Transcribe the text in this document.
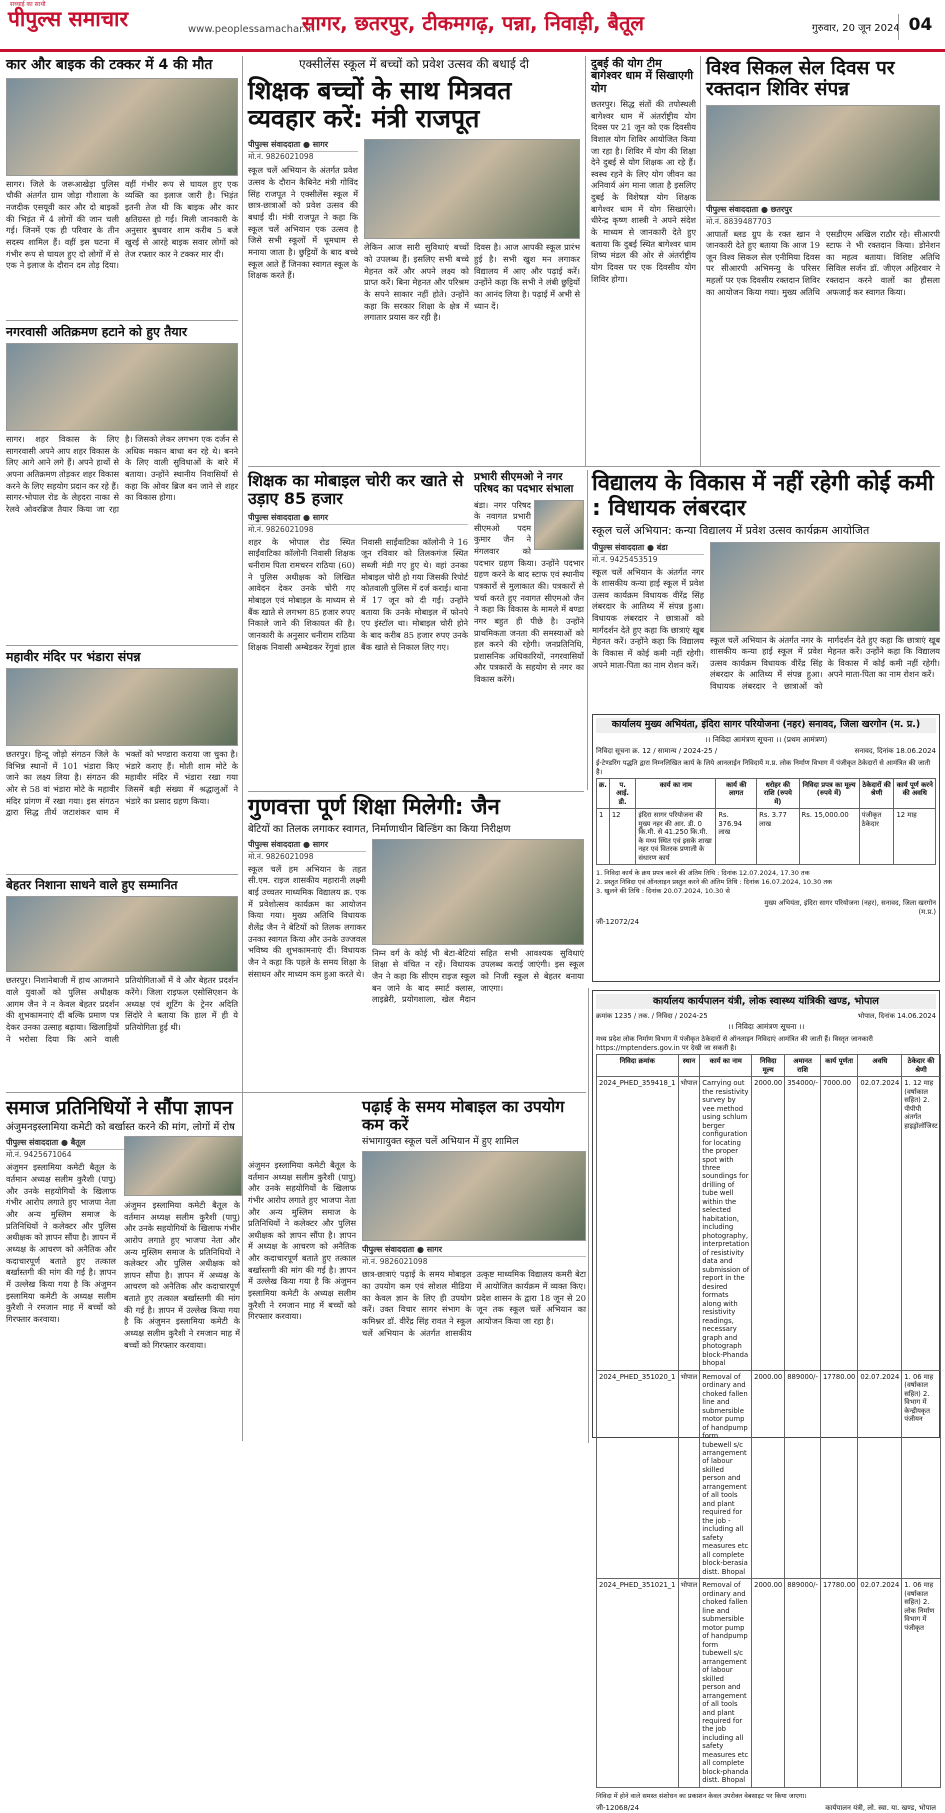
पीपुल्स समाचार	www.peoplessamachar.in
सच्चाई का साथी
सागर, छतरपुर, टीकमगढ़, पन्ना, निवाड़ी, बैतूल	गुरुवार, 20 जून 2024 04
कार और बाइक की टक्कर में 4 की मौत
सागर। जिले के जरूआखेड़ा पुलिस चौकी अंतर्गत ग्राम जोड़ा गौशाला के नजदीक एसयूवी कार और दो बाइकों की भिड़ंत में 4 लोगों की जान चली गई। जिनमें एक ही परिवार के तीन सदस्य शामिल हैं। वहीं इस घटना में गंभीर रूप से घायल हुए दो लोगों में से एक ने इलाज के दौरान दम तोड़ दिया। वहीं गंभीर रूप से घायल हुए एक व्यक्ति का इलाज जारी है। भिड़ंत इतनी तेज थी कि बाइक और कार क्षतिग्रस्त हो गईं। मिली जानकारी के अनुसार बुधवार शाम करीब 5 बजे खुरई से आरहे बाइक सवार लोगों को तेज रफ्तार कार ने टक्कर मार दी।
नगरवासी अतिक्रमण हटाने को हुए तैयार
सागर। शहर विकास के लिए सागरवासी अपने आप शहर विकास के लिए आगे आने लगे हैं। अपने हाथों से अपना अतिक्रमण तोड़कर शहर विकास करने के लिए सहयोग प्रदान कर रहे हैं। सागर-भोपाल रोड के लेहदरा नाका से रेलवे ओवरब्रिज तैयार किया जा रहा है। जिसको लेकर लगभग एक दर्जन से अधिक मकान बाधा बन रहे थे। बनने के लिए वाली सुविधाओं के बारे में बताया। उन्होंने स्थानीय निवासियों से कहा कि ओवर ब्रिज बन जाने से शहर का विकास होगा।
महावीर मंदिर पर भंडारा संपन्न
छतरपुर। हिन्दू जोड़ो संगठन जिले के विभिन्न स्थानों में 101 भंडारा किए जाने का लक्ष्य लिया है। संगठन की ओर से 58 वां भंडारा मोटे के महावीर मंदिर प्रांगण में रखा गया। इस संगठन द्वारा सिद्ध तीर्थ जटाशंकर धाम में भक्तों को भण्डारा कराया जा चुका है। भंडारे कराए हैं। मोती शाम मोटे के महावीर मंदिर में भंडारा रखा गया जिसमें बड़ी संख्या में श्रद्धालुओं ने भंडारे का प्रसाद ग्रहण किया।
बेहतर निशाना साधने वाले हुए सम्मानित
छतरपुर। निशानेबाजी में हाथ आजमाने वाले युवाओं को पुलिस अधीक्षक आगम जैन ने न केवल बेहतर प्रदर्शन की शुभकामनाएं दीं बल्कि प्रमाण पत्र देकर उनका उत्साह बढ़ाया। खिलाड़ियों ने भरोसा दिया कि आने वाली प्रतियोगिताओं में वे और बेहतर प्रदर्शन करेंगे। जिला राइफल एसोसिएशन के अध्यक्ष एवं शूटिंग के ट्रेनर अदिति सिंदोरे ने बताया कि हाल में ही ये प्रतियोगिता हुई थी।
एक्सीलेंस स्कूल में बच्चों को प्रवेश उत्सव की बधाई दी
शिक्षक बच्चों के साथ मित्रवत व्यवहार करें: मंत्री राजपूत
पीपुल्स संवाददाता ● सागर
मो.नं. 9826021098
स्कूल चलें अभियान के अंतर्गत प्रवेश उत्सव के दौरान कैबिनेट मंत्री गोविंद सिंह राजपूत ने एक्सीलेंस स्कूल में छात्र-छात्राओं को प्रवेश उत्सव की बधाई दी। मंत्री राजपूत ने कहा कि स्कूल चलें अभियान एक उत्सव है जिसे सभी स्कूलों में धूमधाम से मनाया जाता है। छुट्टियों के बाद बच्चे स्कूल आते हैं जिनका स्वागत स्कूल के शिक्षक करते हैं।
लेकिन आज सारी सुविधाएं बच्चों को उपलब्ध हैं। इसलिए सभी बच्चे मेहनत करें और अपने लक्ष्य को प्राप्त करें। बिना मेहनत और परिश्रम के सपने साकार नहीं होते। उन्होंने कहा कि सरकार शिक्षा के क्षेत्र में लगातार प्रयास कर रही है।
दिवस है। आज आपकी स्कूल प्रारंभ हुई है। सभी खुश मन लगाकर विद्यालय में आए और पढ़ाई करें। उन्होंने कहा कि सभी ने लंबी छुट्टियों का आनंद लिया है। पढ़ाई में अभी से ध्यान दें।
दुबई की योग टीम बागेश्वर धाम में सिखाएगी योग
छतरपुर। सिद्ध संतों की तपोस्थली बागेश्वर धाम में अंतर्राष्ट्रीय योग दिवस पर 21 जून को एक दिवसीय विशाल योग शिविर आयोजित किया जा रहा है। शिविर में योग की शिक्षा देने दुबई से योग शिक्षक आ रहे हैं। स्वस्थ रहने के लिए योग जीवन का अनिवार्य अंग माना जाता है इसलिए दुबई के विशेषज्ञ योग शिक्षक बागेश्वर धाम में योग सिखाएंगे। धीरेन्द्र कृष्ण शास्त्री ने अपने संदेश के माध्यम से जानकारी देते हुए बताया कि दुबई स्थित बागेश्वर धाम शिष्य मंडल की ओर से अंतर्राष्ट्रीय योग दिवस पर एक दिवसीय योग शिविर होगा।
विश्व सिकल सेल दिवस पर रक्तदान शिविर संपन्न
पीपुल्स संवाददाता ● छतरपुर
मो.नं. 8839487703
आपातों ब्लड ग्रुप के रक्त खान ने जानकारी देते हुए बताया कि आज 19 जून विश्व सिकल सेल एनीमिया दिवस पर सीआरपी अभिमन्यु के परिसर महलों पर एक दिवसीय रक्तदान शिविर का आयोजन किया गया। मुख्य अतिथि एसडीएम अखिल राठौर रहे। सीआरपी स्टाफ ने भी रक्तदान किया। डोनेशन का महत्व बताया। विशिष्ट अतिथि सिविल सर्जन डॉ. जीएल अहिरवार ने रक्तदान करने वालों का हौसला अफजाई कर स्वागत किया।
शिक्षक का मोबाइल चोरी कर खाते से उड़ाए 85 हजार
पीपुल्स संवाददाता ● सागर
मो.नं. 9826021098
शहर के भोपाल रोड स्थित साईंवाटिका कॉलोनी निवासी शिक्षक धनीराम पिता रामचरन राठिया (60) ने पुलिस अधीक्षक को लिखित आवेदन देकर उनके चोरी गए मोबाइल एवं मोबाइल के माध्यम से बैंक खाते से लगभग 85 हजार रुपए निकाले जाने की शिकायत की है। जानकारी के अनुसार धनीराम राठिया शिक्षक निवासी अम्बेडकर रेंगुवां हाल निवासी साईंवाटिका कॉलोनी ने 16 जून रविवार को तिलकगंज स्थित सब्जी मंडी गए हुए थे। वहां उनका मोबाइल चोरी हो गया जिसकी रिपोर्ट कोतवाली पुलिस में दर्ज कराई। थाना में 17 जून को दी गई। उन्होंने बताया कि उनके मोबाइल में फोनपे एप इंस्टॉल था। मोबाइल चोरी होने के बाद करीब 85 हजार रुपए उनके बैंक खाते से निकाल लिए गए।
प्रभारी सीएमओ ने नगर परिषद का पदभार संभाला
बंडा। नगर परिषद के नवागत प्रभारी सीएमओ पदम कुमार जैन ने मंगलवार को पदभार ग्रहण किया। उन्होंने पदभार ग्रहण करने के बाद स्टाफ एवं स्थानीय पत्रकारों से मुलाकात की। पत्रकारों से चर्चा करते हुए नवागत सीएमओ जैन ने कहा कि विकास के मामले में बण्डा नगर बहुत ही पीछे है। उन्होंने प्राथमिकता जनता की समस्याओं को हल करने की रहेगी। जनप्रतिनिधि, प्रशासनिक अधिकारियों, नगरवासियों और पत्रकारों के सहयोग से नगर का विकास करेंगे।
विद्यालय के विकास में नहीं रहेगी कोई कमी : विधायक लंबरदार
स्कूल चलें अभियान: कन्या विद्यालय में प्रवेश उत्सव कार्यक्रम आयोजित
पीपुल्स संवाददाता ● बंडा
मो.नं. 9425453519
स्कूल चलें अभियान के अंतर्गत नगर के शासकीय कन्या हाई स्कूल में प्रवेश उत्सव कार्यक्रम विधायक वीरेंद्र सिंह लंबरदार के आतिथ्य में संपन्न हुआ। विधायक लंबरदार ने छात्राओं को मार्गदर्शन देते हुए कहा कि छात्राएं खूब मेहनत करें। उन्होंने कहा कि विद्यालय के विकास में कोई कमी नहीं रहेगी। अपने माता-पिता का नाम रोशन करें।
स्कूल चलें अभियान के अंतर्गत नगर के शासकीय कन्या हाई स्कूल में प्रवेश उत्सव कार्यक्रम विधायक वीरेंद्र सिंह लंबरदार के आतिथ्य में संपन्न हुआ। विधायक लंबरदार ने छात्राओं को मार्गदर्शन देते हुए कहा कि छात्राएं खूब मेहनत करें। उन्होंने कहा कि विद्यालय के विकास में कोई कमी नहीं रहेगी। अपने माता-पिता का नाम रोशन करें।
कार्यालय मुख्य अभियंता, इंदिरा सागर परियोजना (नहर) सनावद, जिला खरगोन (म. प्र.)
।। निविदा आमंत्रण सूचना ।। (प्रथम आमंत्रण)
निविदा सूचना क्र. 12 / सामान्य / 2024-25 /	सनावद, दिनांक 18.06.2024
ई-टेण्डरिंग पद्धति द्वारा निम्नलिखित कार्य के लिये आनलाईन निविदायें म.प्र. लोक निर्माण विभाग में पंजीकृत ठेकेदारों से आमंत्रित की जाती है।
क्र.	प. आई. डी.	कार्य का नाम	कार्य की लागत	धरोहर की राशि (रुपये में)	निविदा प्रपत्र का मूल्य (रुपये में)	ठेकेदारों की श्रेणी	कार्य पूर्ण करने की अवधि
1	12	इंदिरा सागर परियोजना की मुख्य नहर की आर. डी. 0 कि.मी. से 41.250 कि.मी. के मध्य स्थित एवं इसके शाखा नहर एवं वितरक प्रणाली के संधारण कार्य	Rs. 376.94 लाख	Rs. 3.77 लाख	Rs. 15,000.00	पंजीकृत ठेकेदार	12 माह
1. निविदा कार्य के क्रय प्रपत्र करने की अंतिम तिथि : दिनांक 12.07.2024, 17.30 तक
2. प्रस्तुत निविदा एवं ऑनलाइन प्रस्तुत करने की अंतिम तिथि : दिनांक 16.07.2024, 10.30 तक
3. खुलने की तिथि : दिनांक 20.07.2024, 10.30 से
मुख्य अभियंता, इंदिरा सागर परियोजना (नहर), सनावद, जिला खरगोन (म.प्र.)
जी-12072/24
गुणवत्ता पूर्ण शिक्षा मिलेगी: जैन
बेटियों का तिलक लगाकर स्वागत, निर्माणाधीन बिल्डिंग का किया निरीक्षण
पीपुल्स संवाददाता ● सागर
मो.नं. 9826021098
स्कूल चलें हम अभियान के तहत सी.एम. राइज शासकीय महारानी लक्ष्मी बाई उच्चतर माध्यमिक विद्यालय क्र. एक में प्रवेशोत्सव कार्यक्रम का आयोजन किया गया। मुख्य अतिथि विधायक शैलेंद्र जैन ने बेटियों को तिलक लगाकर उनका स्वागत किया और उनके उज्जवल भविष्य की शुभकामनाएं दीं। विधायक जैन ने कहा कि पहले के समय शिक्षा के संसाधन और माध्यम कम हुआ करते थे।
निम्न वर्ग के कोई भी बेटा-बेटियां शिक्षा से वंचित न रहें। विधायक जैन ने कहा कि सीएम राइज स्कूल बन जाने के बाद स्मार्ट क्लास, लाइब्रेरी, प्रयोगशाला, खेल मैदान सहित सभी आवश्यक सुविधाएं उपलब्ध कराई जाएंगी। इस स्कूल को निजी स्कूल से बेहतर बनाया जाएगा।
समाज प्रतिनिधियों ने सौंपा ज्ञापन
अंजुमनइस्लामिया कमेटी को बर्खास्त करने की मांग, लोगों में रोष
पीपुल्स संवाददाता ● बैतूल
मो.नं. 9425671064
अंजुमन इस्लामिया कमेटी बैतूल के वर्तमान अध्यक्ष सलीम कुरैशी (पापु) और उनके सहयोगियों के खिलाफ गंभीर आरोप लगाते हुए भाजपा नेता और अन्य मुस्लिम समाज के प्रतिनिधियों ने कलेक्टर और पुलिस अधीक्षक को ज्ञापन सौंपा है। ज्ञापन में अध्यक्ष के आचरण को अनैतिक और कदाचारपूर्ण बताते हुए तत्काल बर्खास्तगी की मांग की गई है। ज्ञापन में उल्लेख किया गया है कि अंजुमन इस्लामिया कमेटी के अध्यक्ष सलीम कुरैशी ने रमजान माह में बच्चों को गिरफ्तार करवाया।
अंजुमन इस्लामिया कमेटी बैतूल के वर्तमान अध्यक्ष सलीम कुरैशी (पापु) और उनके सहयोगियों के खिलाफ गंभीर आरोप लगाते हुए भाजपा नेता और अन्य मुस्लिम समाज के प्रतिनिधियों ने कलेक्टर और पुलिस अधीक्षक को ज्ञापन सौंपा है। ज्ञापन में अध्यक्ष के आचरण को अनैतिक और कदाचारपूर्ण बताते हुए तत्काल बर्खास्तगी की मांग की गई है। ज्ञापन में उल्लेख किया गया है कि अंजुमन इस्लामिया कमेटी के अध्यक्ष सलीम कुरैशी ने रमजान माह में बच्चों को गिरफ्तार करवाया।
अंजुमन इस्लामिया कमेटी बैतूल के वर्तमान अध्यक्ष सलीम कुरैशी (पापु) और उनके सहयोगियों के खिलाफ गंभीर आरोप लगाते हुए भाजपा नेता और अन्य मुस्लिम समाज के प्रतिनिधियों ने कलेक्टर और पुलिस अधीक्षक को ज्ञापन सौंपा है। ज्ञापन में अध्यक्ष के आचरण को अनैतिक और कदाचारपूर्ण बताते हुए तत्काल बर्खास्तगी की मांग की गई है। ज्ञापन में उल्लेख किया गया है कि अंजुमन इस्लामिया कमेटी के अध्यक्ष सलीम कुरैशी ने रमजान माह में बच्चों को गिरफ्तार करवाया।
पढ़ाई के समय मोबाइल का उपयोग कम करें
संभागायुक्त स्कूल चलें अभियान में हुए शामिल
पीपुल्स संवाददाता ● सागर
मो.नं. 9826021098
छात्र-छात्राएं पढ़ाई के समय मोबाइल का उपयोग कम एवं सोशल मीडिया का केवल ज्ञान के लिए ही उपयोग करें। उक्त विचार सागर संभाग के कमिश्नर डॉ. वीरेंद्र सिंह रावत ने स्कूल चलें अभियान के अंतर्गत शासकीय उत्कृष्ट माध्यमिक विद्यालय कमरी बेटा में आयोजित कार्यक्रम में व्यक्त किए। प्रदेश शासन के द्वारा 18 जून से 20 जून तक स्कूल चलें अभियान का आयोजन किया जा रहा है।
कार्यालय कार्यपालन यंत्री, लोक स्वास्थ्य यांत्रिकी खण्ड, भोपाल
क्रमांक 1235 / तक. / निविदा / 2024-25	भोपाल, दिनांक 14.06.2024
।। निविदा आमंत्रण सूचना ।।
मध्य प्रदेश लोक निर्माण विभाग में पंजीकृत ठेकेदारों से ऑनलाइन निविदाएं आमंत्रित की जाती हैं। विस्तृत जानकारी https://mptenders.gov.in पर देखी जा सकती है।
निविदा क्रमांक	स्थान	कार्य का नाम	निविदा मूल्य	अमानत राशि	कार्य पूर्णता	अवधि	ठेकेदार की श्रेणी
2024_PHED_359418_1	भोपाल	Carrying out the resistivity survey by vee method using schlum berger configuration for locating the proper spot with three soundings for drilling of tube well within the selected habitation, including photography, interpretation of resistivity data and submission of report in the desired formats along with resistivity readings, necessary graph and photograph block-Phanda bhopal	2000.00	354000/-	7000.00	02.07.2024	1. 12 माह (वर्षाकाल सहित) 2. पीपीपी अंतर्गत हाइड्रोलॉजिस्ट
2024_PHED_351020_1	भोपाल	Removal of ordinary and choked fallen line and submersible motor pump of handpump form tubewell s/c arrangement of labour skilled person and arrangement of all tools and plant required for the job - including all safety measures etc all complete block-berasia distt. Bhopal	2000.00	889000/-	17780.00	02.07.2024	1. 06 माह (वर्षाकाल सहित) 2. विभाग में केन्द्रीयकृत पंजीयन
2024_PHED_351021_1	भोपाल	Removal of ordinary and choked fallen line and submersible motor pump of handpump form tubewell s/c arrangement of labour skilled person and arrangement of all tools and plant required for the job including all safety measures etc all complete block-phanda distt. Bhopal	2000.00	889000/-	17780.00	02.07.2024	1. 06 माह (वर्षाकाल सहित) 2. लोक निर्माण विभाग में पंजीकृत
निविदा में होने वाले समस्त संशोधन का प्रकाशन केवल उपरोक्त वेबसाइट पर किया जाएगा।
जी-12068/24	कार्यपालन यंत्री, लो. स्वा. या. खण्ड, भोपाल
